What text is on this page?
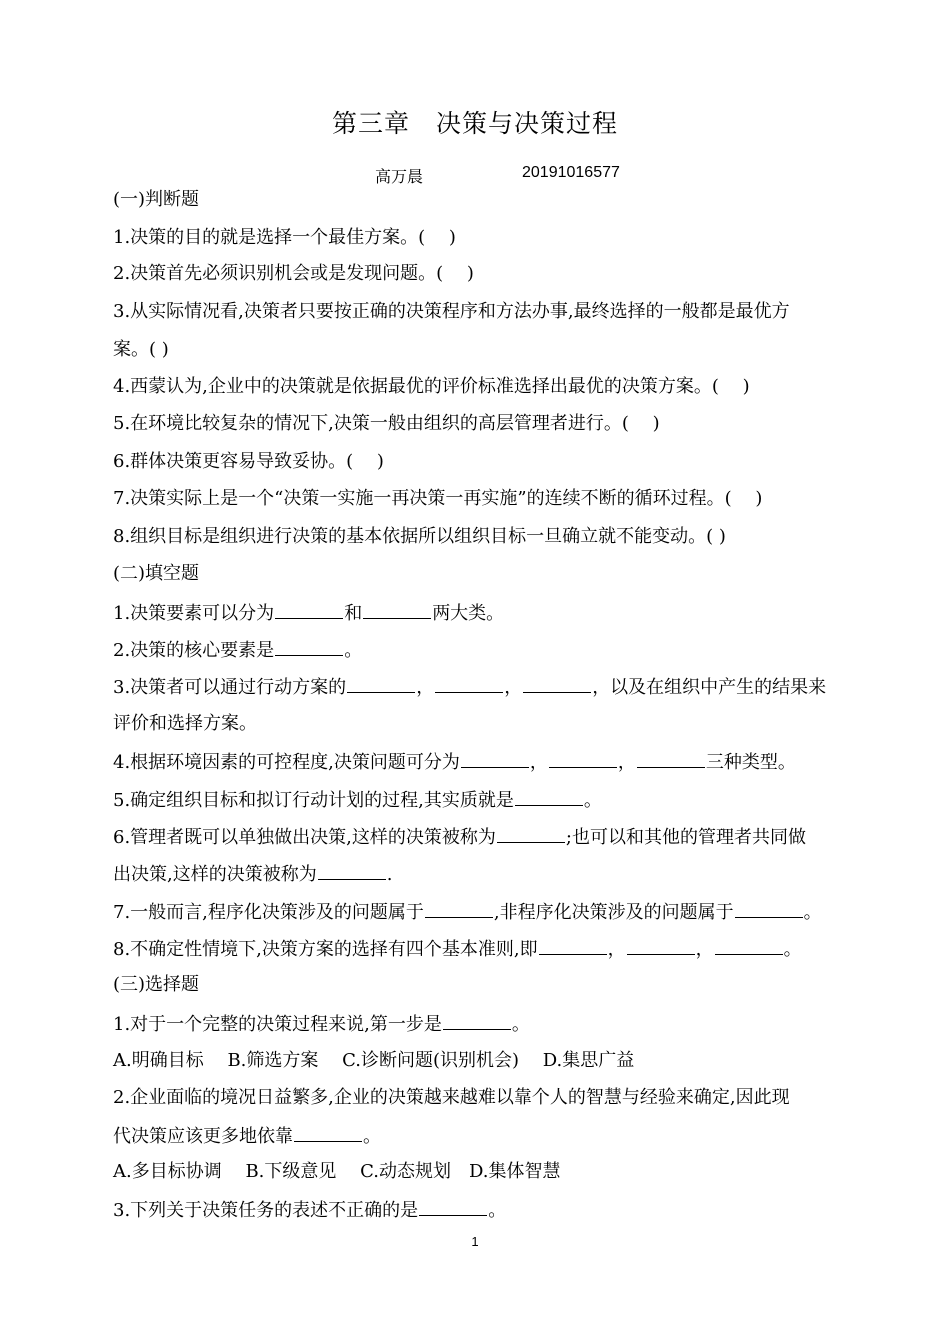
第三章　决策与决策过程
高万晨	20191016577
(一)判断题
1.决策的目的就是选择一个最佳方案。(　 )
2.决策首先必须识别机会或是发现问题。(　 )
3.从实际情况看,决策者只要按正确的决策程序和方法办事,最终选择的一般都是最优方
案。( )
4.西蒙认为,企业中的决策就是依据最优的评价标准选择出最优的决策方案。(　 )
5.在环境比较复杂的情况下,决策一般由组织的高层管理者进行。(　 )
6.群体决策更容易导致妥协。(　 )
7.决策实际上是一个“决策一实施一再决策一再实施”的连续不断的循环过程。(　 )
8.组织目标是组织进行决策的基本依据所以组织目标一旦确立就不能变动。( )
(二)填空题
1.决策要素可以分为	和	两大类。
2.决策的核心要素是	。
3.决策者可以通过行动方案的	，	，	，以及在组织中产生的结果来
评价和选择方案。
4.根据环境因素的可控程度,决策问题可分为	，	，	三种类型。
5.确定组织目标和拟订行动计划的过程,其实质就是	。
6.管理者既可以单独做出决策,这样的决策被称为	;也可以和其他的管理者共同做
出决策,这样的决策被称为	.
7.一般而言,程序化决策涉及的问题属于	,非程序化决策涉及的问题属于	。
8.不确定性情境下,决策方案的选择有四个基本准则,即	，	，	。
(三)选择题
1.对于一个完整的决策过程来说,第一步是	。
A.明确目标　 B.筛选方案　 C.诊断问题(识别机会)　 D.集思广益
2.企业面临的境况日益繁多,企业的决策越来越难以靠个人的智慧与经验来确定,因此现
代决策应该更多地依靠	。
A.多目标协调　 B.下级意见　 C.动态规划　D.集体智慧
3.下列关于决策任务的表述不正确的是	。
1
